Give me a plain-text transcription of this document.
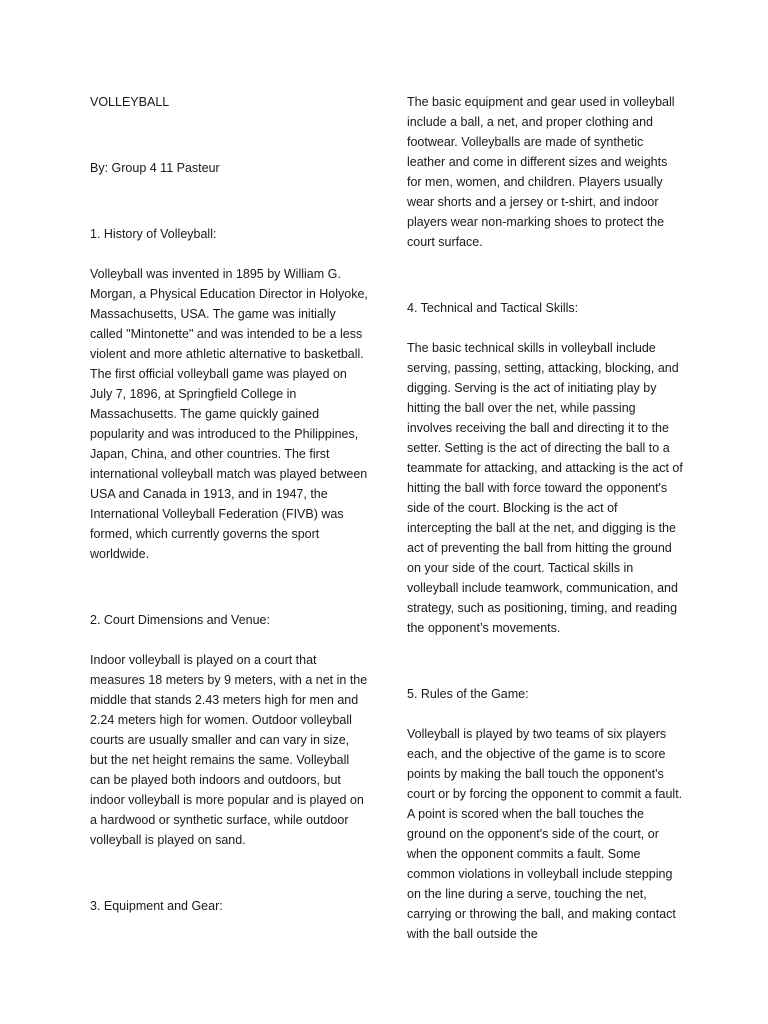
VOLLEYBALL

By: Group 4 11 Pasteur

1. History of Volleyball:

Volleyball was invented in 1895 by William G. Morgan, a Physical Education Director in Holyoke, Massachusetts, USA. The game was initially called "Mintonette" and was intended to be a less violent and more athletic alternative to basketball. The first official volleyball game was played on July 7, 1896, at Springfield College in Massachusetts. The game quickly gained popularity and was introduced to the Philippines, Japan, China, and other countries. The first international volleyball match was played between USA and Canada in 1913, and in 1947, the International Volleyball Federation (FIVB) was formed, which currently governs the sport worldwide.

2. Court Dimensions and Venue:

Indoor volleyball is played on a court that measures 18 meters by 9 meters, with a net in the middle that stands 2.43 meters high for men and 2.24 meters high for women. Outdoor volleyball courts are usually smaller and can vary in size, but the net height remains the same. Volleyball can be played both indoors and outdoors, but indoor volleyball is more popular and is played on a hardwood or synthetic surface, while outdoor volleyball is played on sand.

3. Equipment and Gear:

The basic equipment and gear used in volleyball include a ball, a net, and proper clothing and footwear. Volleyballs are made of synthetic leather and come in different sizes and weights for men, women, and children. Players usually wear shorts and a jersey or t-shirt, and indoor players wear non-marking shoes to protect the court surface.

4. Technical and Tactical Skills:

The basic technical skills in volleyball include serving, passing, setting, attacking, blocking, and digging. Serving is the act of initiating play by hitting the ball over the net, while passing involves receiving the ball and directing it to the setter. Setting is the act of directing the ball to a teammate for attacking, and attacking is the act of hitting the ball with force toward the opponent's side of the court. Blocking is the act of intercepting the ball at the net, and digging is the act of preventing the ball from hitting the ground on your side of the court. Tactical skills in volleyball include teamwork, communication, and strategy, such as positioning, timing, and reading the opponent’s movements.

5. Rules of the Game:

Volleyball is played by two teams of six players each, and the objective of the game is to score points by making the ball touch the opponent's court or by forcing the opponent to commit a fault. A point is scored when the ball touches the ground on the opponent's side of the court, or when the opponent commits a fault. Some common violations in volleyball include stepping on the line during a serve, touching the net, carrying or throwing the ball, and making contact with the ball outside the
